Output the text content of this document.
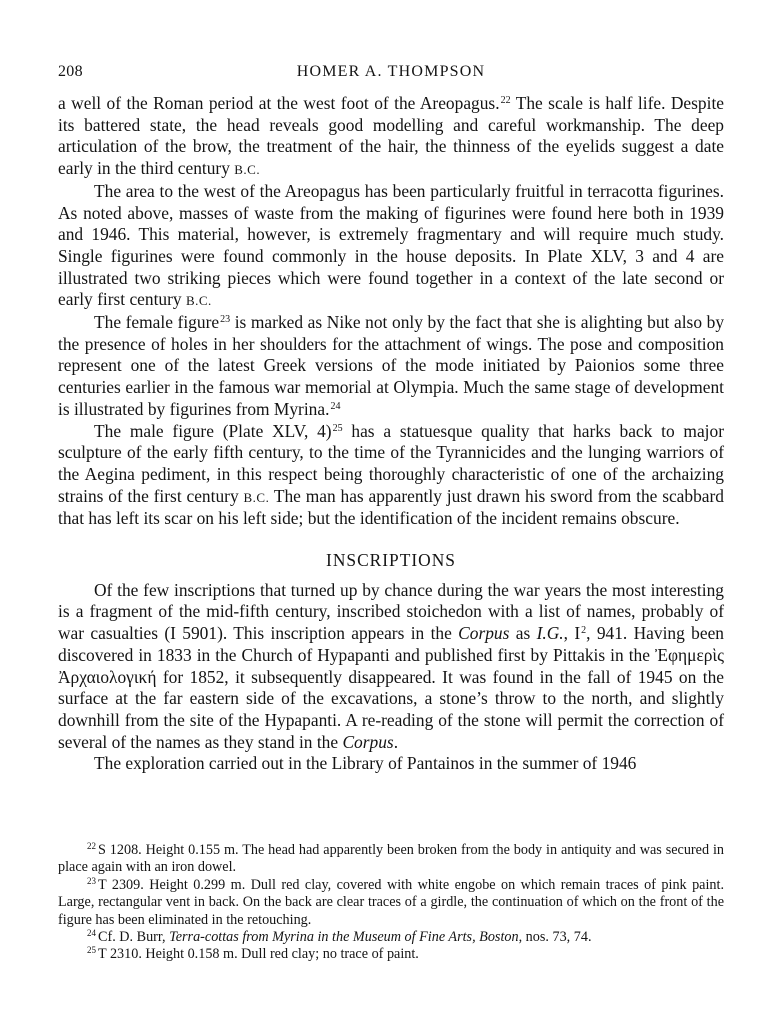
208	HOMER A. THOMPSON

a well of the Roman period at the west foot of the Areopagus.$^{22}$ The scale is half life. Despite its battered state, the head reveals good modelling and careful workmanship. The deep articulation of the brow, the treatment of the hair, the thinness of the eyelids suggest a date early in the third century B.C.

The area to the west of the Areopagus has been particularly fruitful in terracotta figurines. As noted above, masses of waste from the making of figurines were found here both in 1939 and 1946. This material, however, is extremely fragmentary and will require much study. Single figurines were found commonly in the house deposits. In Plate XLV, 3 and 4 are illustrated two striking pieces which were found together in a context of the late second or early first century B.C.

The female figure$^{23}$ is marked as Nike not only by the fact that she is alighting but also by the presence of holes in her shoulders for the attachment of wings. The pose and composition represent one of the latest Greek versions of the mode initiated by Paionios some three centuries earlier in the famous war memorial at Olympia. Much the same stage of development is illustrated by figurines from Myrina.$^{24}$

The male figure (Plate XLV, 4)$^{25}$ has a statuesque quality that harks back to major sculpture of the early fifth century, to the time of the Tyrannicides and the lunging warriors of the Aegina pediment, in this respect being thoroughly characteristic of one of the archaizing strains of the first century B.C. The man has apparently just drawn his sword from the scabbard that has left its scar on his left side; but the identification of the incident remains obscure.

INSCRIPTIONS

Of the few inscriptions that turned up by chance during the war years the most interesting is a fragment of the mid-fifth century, inscribed stoichedon with a list of names, probably of war casualties (I 5901). This inscription appears in the Corpus as I.G., $I^2$, 941. Having been discovered in 1833 in the Church of Hypapanti and published first by Pittakis in the Ἐφημερὶς Ἀρχαιολογική for 1852, it subsequently disappeared. It was found in the fall of 1945 on the surface at the far eastern side of the excavations, a stone’s throw to the north, and slightly downhill from the site of the Hypapanti. A re-reading of the stone will permit the correction of several of the names as they stand in the Corpus.

The exploration carried out in the Library of Pantainos in the summer of 1946

$^{22}$ S 1208. Height 0.155 m. The head had apparently been broken from the body in antiquity and was secured in place again with an iron dowel.

$^{23}$ T 2309. Height 0.299 m. Dull red clay, covered with white engobe on which remain traces of pink paint. Large, rectangular vent in back. On the back are clear traces of a girdle, the continuation of which on the front of the figure has been eliminated in the retouching.

$^{24}$ Cf. D. Burr, Terra-cottas from Myrina in the Museum of Fine Arts, Boston, nos. 73, 74.

$^{25}$ T 2310. Height 0.158 m. Dull red clay; no trace of paint.
